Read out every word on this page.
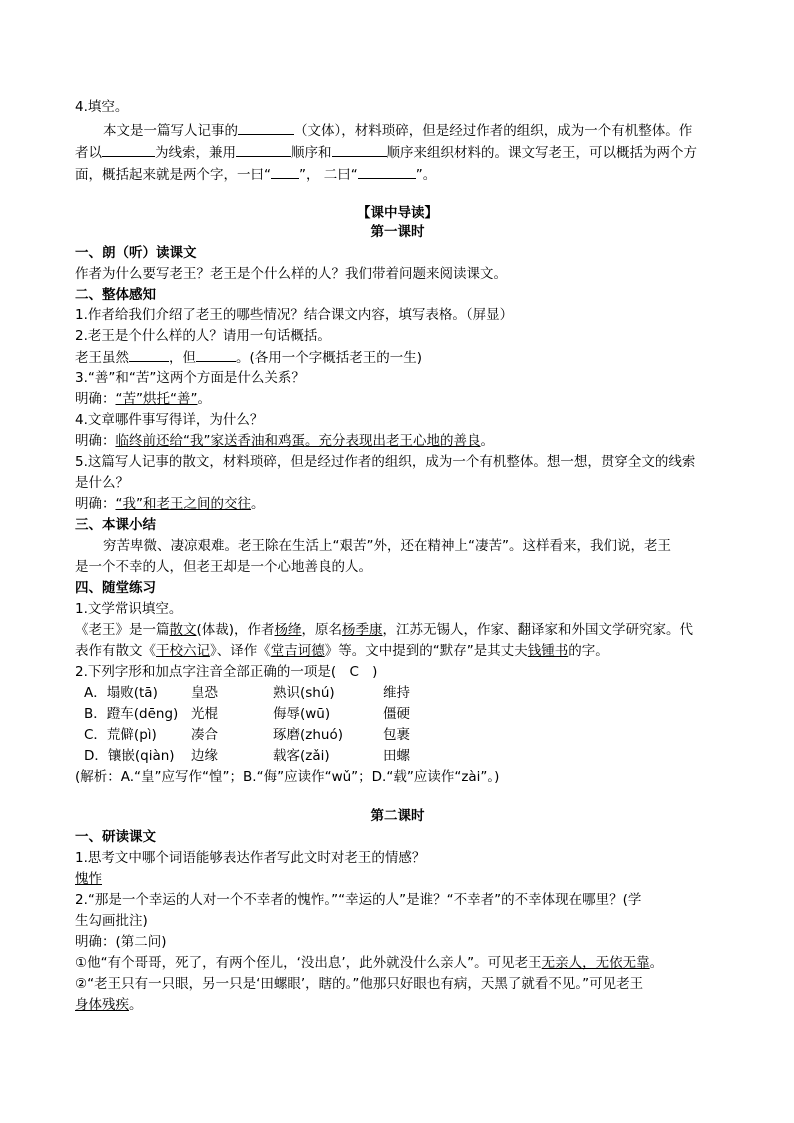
4.填空。
本文是一篇写人记事的	（文体），材料琐碎，但是经过作者的组织，成为一个有机整体。作
者以	为线索，兼用	顺序和	顺序来组织材料的。课文写老王，可以概括为两个方
面，概括起来就是两个字，一曰“ ”， 二曰“	”。
【课中导读】
第一课时
一、朗（听）读课文
作者为什么要写老王？老王是个什么样的人？我们带着问题来阅读课文。
二、整体感知
1.作者给我们介绍了老王的哪些情况？结合课文内容，填写表格。（屏显）
2.老王是个什么样的人？请用一句话概括。
老王虽然	，但	。(各用一个字概括老王的一生)
3.“善”和“苦”这两个方面是什么关系？
明确：“苦”烘托“善”。
4.文章哪件事写得详，为什么？
明确：临终前还给“我”家送香油和鸡蛋。充分表现出老王心地的善良。
5.这篇写人记事的散文，材料琐碎，但是经过作者的组织，成为一个有机整体。想一想，贯穿全文的线索
是什么？
明确：“我”和老王之间的交往。
三、本课小结
穷苦卑微、凄凉艰难。老王除在生活上“艰苦”外，还在精神上“凄苦”。这样看来，我们说，老王
是一个不幸的人，但老王却是一个心地善良的人。
四、随堂练习
1.文学常识填空。
《老王》是一篇散文(体裁)，作者杨绛，原名杨季康，江苏无锡人，作家、翻译家和外国文学研究家。代
表作有散文《干校六记》、译作《堂吉诃德》等。文中提到的“默存”是其丈夫钱锺书的字。
2.下列字形和加点字注音全部正确的一项是( C )
A．塌败(tā) 皇恐	熟识(shú)	维持
B．蹬车(dēng) 光棍	侮辱(wū)	僵硬
C．荒僻(pì)	凑合	琢磨(zhuó)	包裹
D．镶嵌(qiàn) 边缘	载客(zǎi)	田螺
(解析：A.“皇”应写作“惶”；B.“侮”应读作“wǔ”；D.“载”应读作“zài”。)
第二课时
一、研读课文
1.思考文中哪个词语能够表达作者写此文时对老王的情感？
愧怍
2.“那是一个幸运的人对一个不幸者的愧怍。”“幸运的人”是谁？“不幸者”的不幸体现在哪里？(学
生勾画批注)
明确：(第二问)
①他“有个哥哥，死了，有两个侄儿，‘没出息’，此外就没什么亲人”。可见老王无亲人，无依无靠。
②“老王只有一只眼，另一只是‘田螺眼’，瞎的。”他那只好眼也有病，天黑了就看不见。”可见老王
身体残疾。
